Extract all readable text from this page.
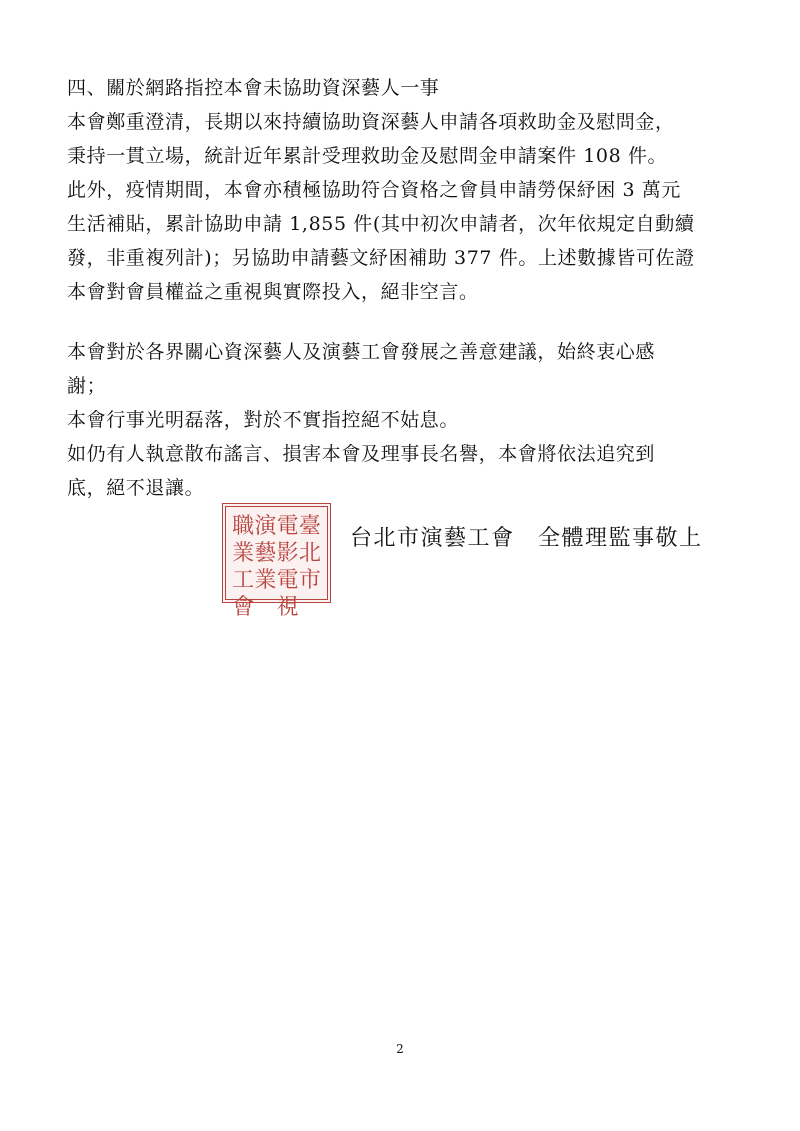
四、關於網路指控本會未協助資深藝人一事
本會鄭重澄清，長期以來持續協助資深藝人申請各項救助金及慰問金，
秉持一貫立場，統計近年累計受理救助金及慰問金申請案件 108 件。
此外，疫情期間，本會亦積極協助符合資格之會員申請勞保紓困 3 萬元
生活補貼，累計協助申請 1,855 件(其中初次申請者，次年依規定自動續
發，非重複列計)；另協助申請藝文紓困補助 377 件。上述數據皆可佐證
本會對會員權益之重視與實際投入，絕非空言。
本會對於各界關心資深藝人及演藝工會發展之善意建議，始終衷心感
謝；
本會行事光明磊落，對於不實指控絕不姑息。
如仍有人執意散布謠言、損害本會及理事長名譽，本會將依法追究到
底，絕不退讓。
臺
北
市
電
影
電
視
演
藝
業
職
業
工
會
台北市演藝工會　全體理監事敬上
2
